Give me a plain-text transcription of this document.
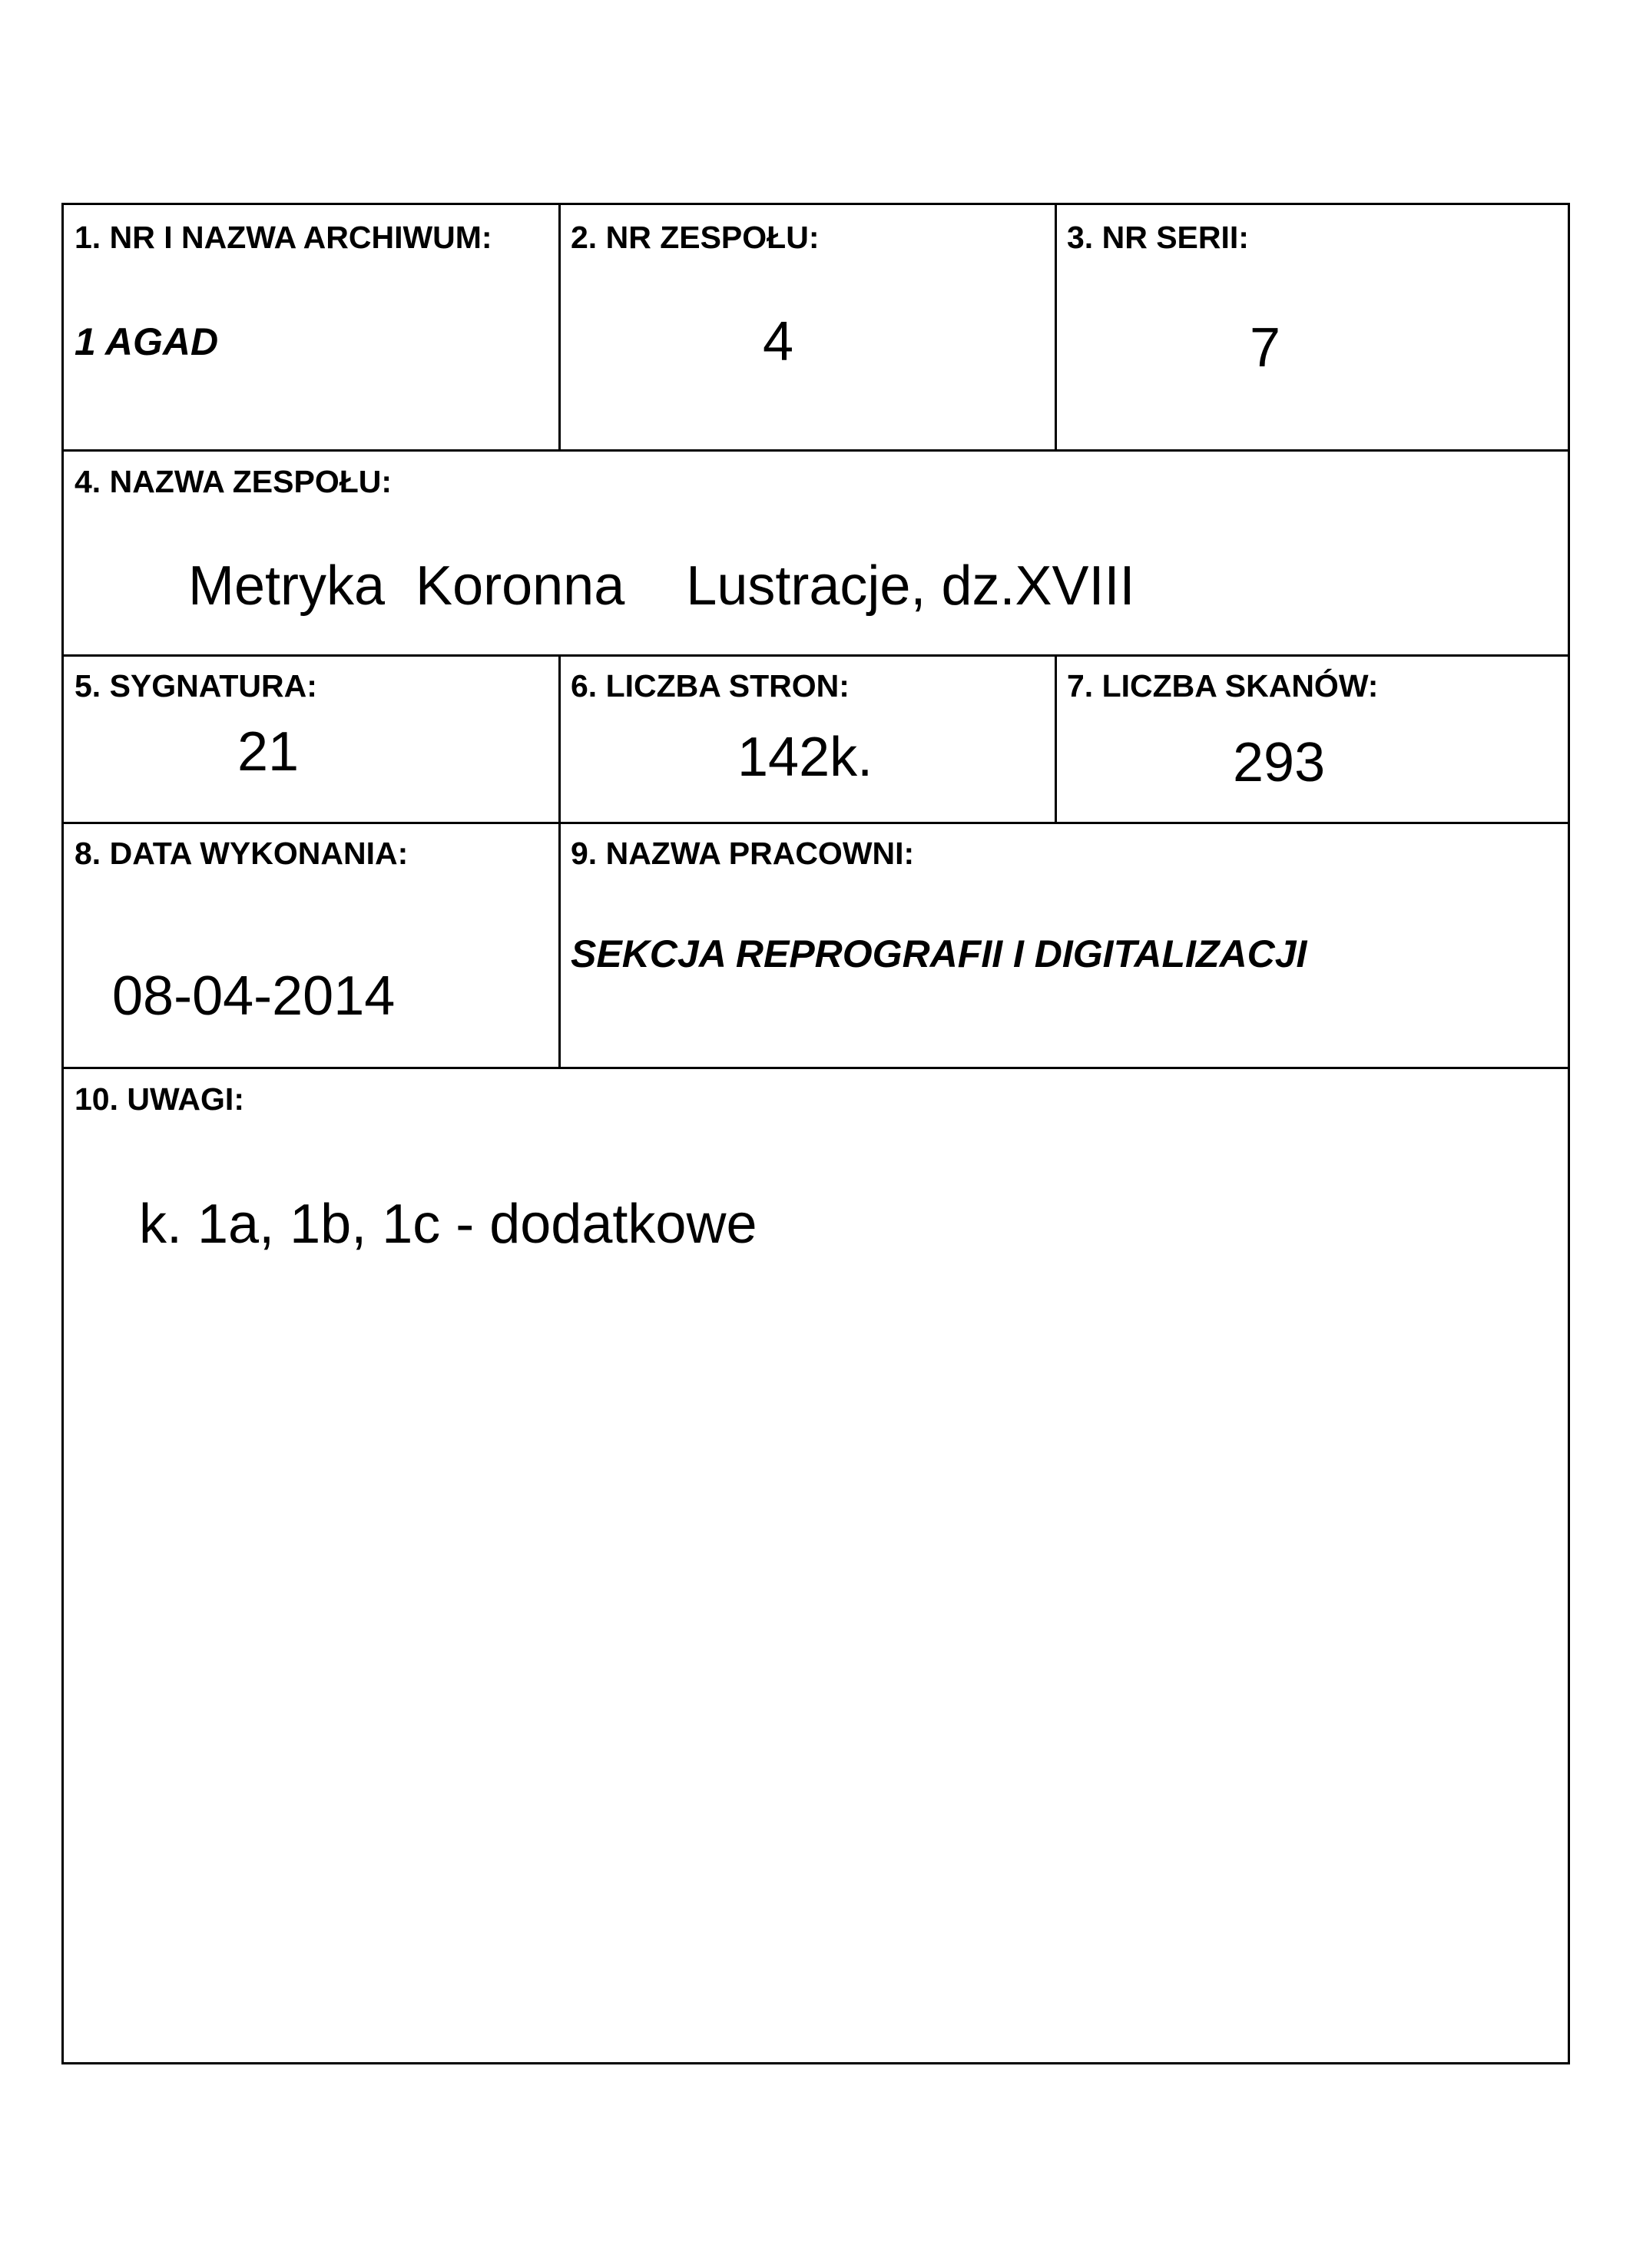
1. NR I NAZWA ARCHIWUM:
1 AGAD
2. NR ZESPOŁU:
4
3. NR SERII:
7
4. NAZWA ZESPOŁU:
Metryka  Koronna    Lustracje, dz.XVIII
5. SYGNATURA:
21
6. LICZBA STRON:
142k.
7. LICZBA SKANÓW:
293
8. DATA WYKONANIA:
08-04-2014
9. NAZWA PRACOWNI:
SEKCJA REPROGRAFII I DIGITALIZACJI
10. UWAGI:
k. 1a, 1b, 1c - dodatkowe
